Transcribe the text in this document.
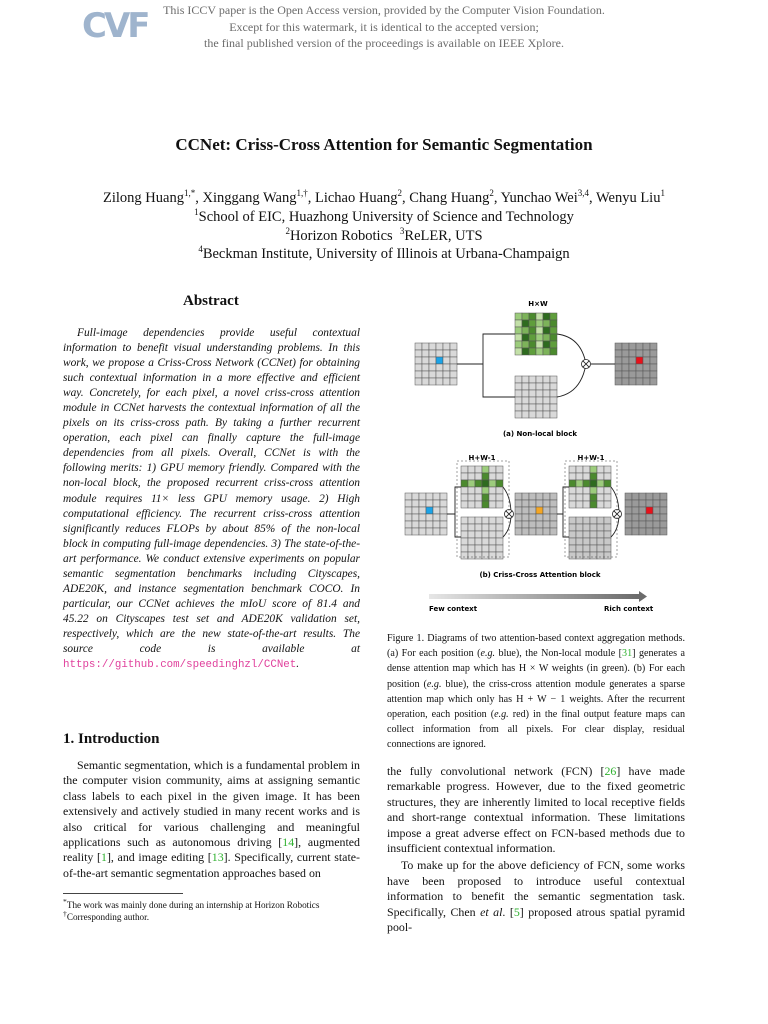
CVF	This ICCV paper is the Open Access version, provided by the Computer Vision Foundation.
Except for this watermark, it is identical to the accepted version;
the final published version of the proceedings is available on IEEE Xplore.
CCNet: Criss-Cross Attention for Semantic Segmentation
Zilong Huang$^{1,*}$, Xinggang Wang$^{1,\dagger}$, Lichao Huang$^2$, Chang Huang$^2$, Yunchao Wei$^{3,4}$, Wenyu Liu$^1$
$^1$School of EIC, Huazhong University of Science and Technology
$^2$Horizon Robotics $^3$ReLER, UTS
$^4$Beckman Institute, University of Illinois at Urbana-Champaign
Abstract
Full-image dependencies provide useful contextual information to benefit visual understanding problems. In this work, we propose a Criss-Cross Network (CCNet) for obtaining such contextual information in a more effective and efficient way. Concretely, for each pixel, a novel criss-cross attention module in CCNet harvests the contextual information of all the pixels on its criss-cross path. By taking a further recurrent operation, each pixel can finally capture the full-image dependencies from all pixels. Overall, CCNet is with the following merits: 1) GPU memory friendly. Compared with the non-local block, the proposed recurrent criss-cross attention module requires 11× less GPU memory usage. 2) High computational efficiency. The recurrent criss-cross attention significantly reduces FLOPs by about 85% of the non-local block in computing full-image dependencies. 3) The state-of-the-art performance. We conduct extensive experiments on popular semantic segmentation benchmarks including Cityscapes, ADE20K, and instance segmentation benchmark COCO. In particular, our CCNet achieves the mIoU score of 81.4 and 45.22 on Cityscapes test set and ADE20K validation set, respectively, which are the new state-of-the-art results. The source code is available at https://github.com/speedinghzl/CCNet.
H×W
(a) Non-local block
H+W-1	H+W-1
(b) Criss-Cross Attention block
Few context	Rich context
Figure 1. Diagrams of two attention-based context aggregation methods. (a) For each position (e.g. blue), the Non-local module [31] generates a dense attention map which has H × W weights (in green). (b) For each position (e.g. blue), the criss-cross attention module generates a sparse attention map which only has H + W − 1 weights. After the recurrent operation, each position (e.g. red) in the final output feature maps can collect information from all pixels. For clear display, residual connections are ignored.
1. Introduction

Semantic segmentation, which is a fundamental problem in the computer vision community, aims at assigning semantic class labels to each pixel in the given image. It has been extensively and actively studied in many recent works and is also critical for various challenging and meaningful applications such as autonomous driving [14], augmented reality [1], and image editing [13]. Specifically, current state-of-the-art semantic segmentation approaches based on

the fully convolutional network (FCN) [26] have made remarkable progress. However, due to the fixed geometric structures, they are inherently limited to local receptive fields and short-range contextual information. These limitations impose a great adverse effect on FCN-based methods due to insufficient contextual information.

To make up for the above deficiency of FCN, some works have been proposed to introduce useful contextual information to benefit the semantic segmentation task. Specifically, Chen et al. [5] proposed atrous spatial pyramid pool-

*The work was mainly done during an internship at Horizon Robotics
†Corresponding author.
